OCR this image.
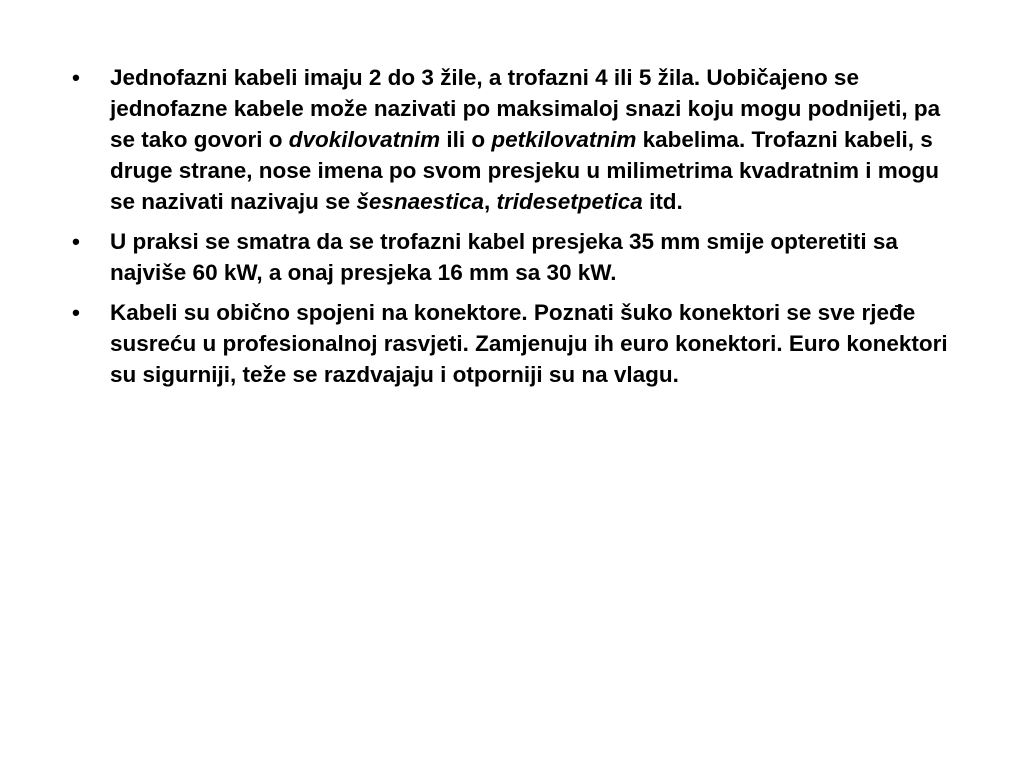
•	Jednofazni kabeli imaju 2 do 3 žile, a trofazni 4 ili 5 žila. Uobičajeno se jednofazne kabele može nazivati po maksimaloj snazi koju mogu podnijeti, pa se tako govori o dvokilovatnim ili o petkilovatnim kabelima. Trofazni kabeli, s druge strane, nose imena po svom presjeku u milimetrima kvadratnim i mogu se nazivati nazivaju se šesnaestica, tridesetpetica itd.
•	U praksi se smatra da se trofazni kabel presjeka 35 mm smije opteretiti sa najviše 60 kW, a onaj presjeka 16 mm sa 30 kW.
•	Kabeli su obično spojeni na konektore. Poznati šuko konektori se sve rjeđe susreću u profesionalnoj rasvjeti. Zamjenuju ih euro konektori. Euro konektori su sigurniji, teže se razdvajaju i otporniji su na vlagu.
